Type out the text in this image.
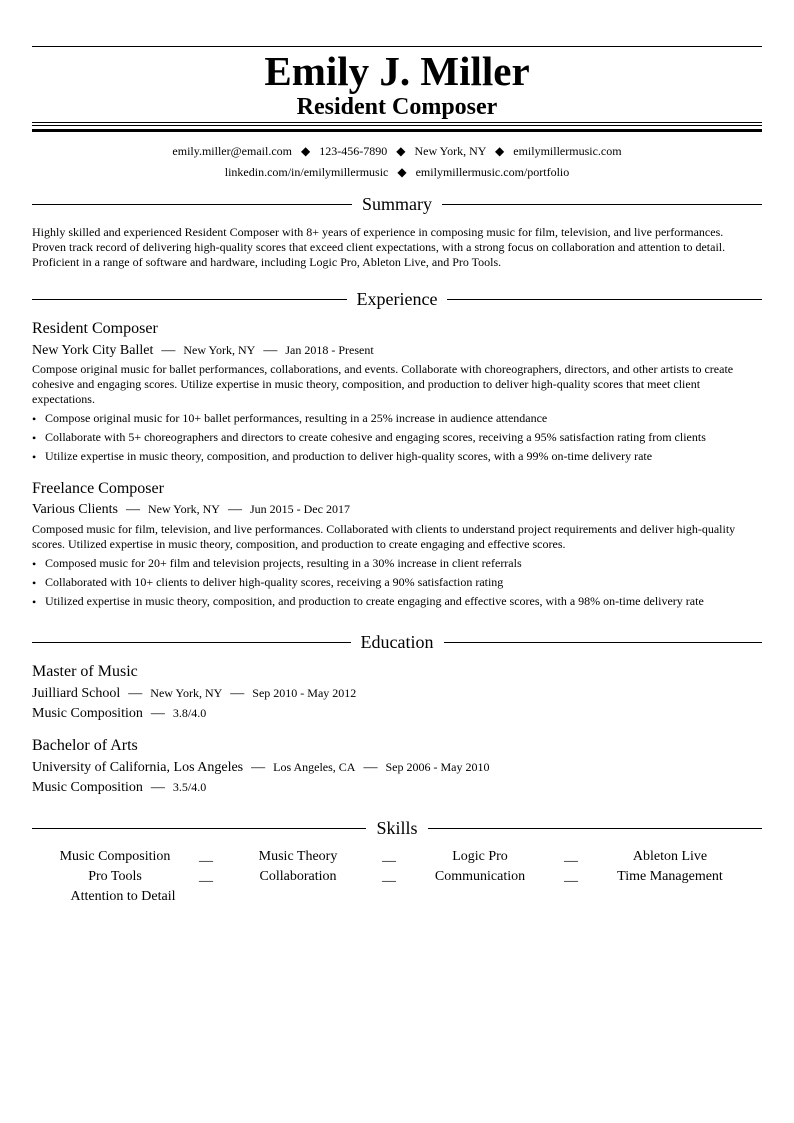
Emily J. Miller
Resident Composer
emily.miller@email.com ◆ 123-456-7890 ◆ New York, NY ◆ emilymillermusic.com
linkedin.com/in/emilymillermusic ◆ emilymillermusic.com/portfolio
Summary
Highly skilled and experienced Resident Composer with 8+ years of experience in composing music for film, television, and live performances. Proven track record of delivering high-quality scores that exceed client expectations, with a strong focus on collaboration and attention to detail. Proficient in a range of software and hardware, including Logic Pro, Ableton Live, and Pro Tools.
Experience
Resident Composer
New York City Ballet — New York, NY — Jan 2018 - Present
Compose original music for ballet performances, collaborations, and events. Collaborate with choreographers, directors, and other artists to create cohesive and engaging scores. Utilize expertise in music theory, composition, and production to deliver high-quality scores that meet client expectations.
• Compose original music for 10+ ballet performances, resulting in a 25% increase in audience attendance
• Collaborate with 5+ choreographers and directors to create cohesive and engaging scores, receiving a 95% satisfaction rating from clients
• Utilize expertise in music theory, composition, and production to deliver high-quality scores, with a 99% on-time delivery rate
Freelance Composer
Various Clients — New York, NY — Jun 2015 - Dec 2017
Composed music for film, television, and live performances. Collaborated with clients to understand project requirements and deliver high-quality scores. Utilized expertise in music theory, composition, and production to create engaging and effective scores.
• Composed music for 20+ film and television projects, resulting in a 30% increase in client referrals
• Collaborated with 10+ clients to deliver high-quality scores, receiving a 90% satisfaction rating
• Utilized expertise in music theory, composition, and production to create engaging and effective scores, with a 98% on-time delivery rate
Education
Master of Music
Juilliard School — New York, NY — Sep 2010 - May 2012
Music Composition — 3.8/4.0
Bachelor of Arts
University of California, Los Angeles — Los Angeles, CA — Sep 2006 - May 2010
Music Composition — 3.5/4.0
Skills
Music Composition	__	Music Theory	__	Logic Pro	__	Ableton Live
Pro Tools	__	Collaboration	__	Communication	__	Time Management
Attention to Detail
